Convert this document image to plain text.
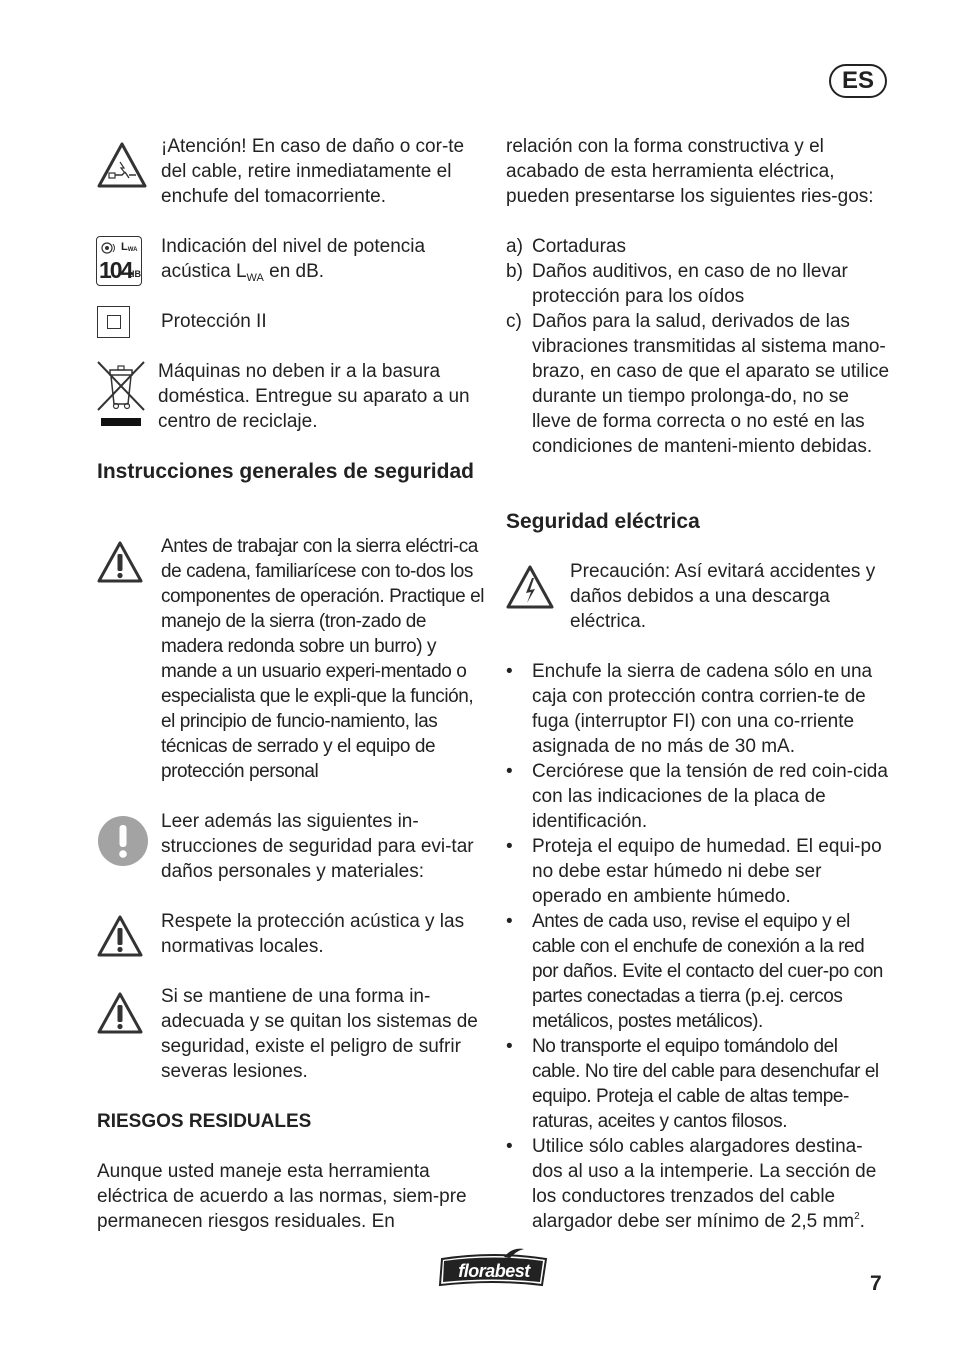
ES
¡Atención! En caso de daño o cor-te del cable, retire inmediatamente el enchufe del tomacorriente.
$L_{WA}$
104
dB
Indicación del nivel de potencia acústica $L_{WA}$ en dB.
Protección II
Máquinas no deben ir a la basura doméstica. Entregue su aparato a un centro de reciclaje.
Instrucciones generales de seguridad
Antes de trabajar con la sierra eléctri-ca de cadena, familiarícese con to-dos los componentes de operación. Practique el manejo de la sierra (tron-zado de madera redonda sobre un burro) y mande a un usuario experi-mentado o especialista que le expli-que la función, el principio de funcio-namiento, las técnicas de serrado y el equipo de protección personal
Leer además las siguientes in-strucciones de seguridad para evi-tar daños personales y materiales:
Respete la protección acústica y las normativas locales.
Si se mantiene de una forma in-adecuada y se quitan los sistemas de seguridad, existe el peligro de sufrir severas lesiones.
RIESGOS RESIDUALES
Aunque usted maneje esta herramienta eléctrica de acuerdo a las normas, siem-pre permanecen riesgos residuales. En
relación con la forma constructiva y el acabado de esta herramienta eléctrica, pueden presentarse los siguientes ries-gos:
a) Cortaduras
b) Daños auditivos, en caso de no llevar protección para los oídos
c) Daños para la salud, derivados de las vibraciones transmitidas al sistema mano-brazo, en caso de que el aparato se utilice durante un tiempo prolonga-do, no se lleve de forma correcta o no esté en las condiciones de manteni-miento debidas.
Seguridad eléctrica
Precaución: Así evitará accidentes y daños debidos a una descarga eléctrica.
• Enchufe la sierra de cadena sólo en una caja con protección contra corrien-te de fuga (interruptor FI) con una co-rriente asignada de no más de 30 mA.
• Cerciórese que la tensión de red coin-cida con las indicaciones de la placa de identificación.
• Proteja el equipo de humedad. El equi-po no debe estar húmedo ni debe ser operado en ambiente húmedo.
• Antes de cada uso, revise el equipo y el cable con el enchufe de conexión a la red por daños. Evite el contacto del cuer-po con partes conectadas a tierra (p.ej. cercos metálicos, postes metálicos).
• No transporte el equipo tomándolo del cable. No tire del cable para desenchufar el equipo. Proteja el cable de altas tempe-raturas, aceites y cantos filosos.
• Utilice sólo cables alargadores destina-dos al uso a la intemperie. La sección de los conductores trenzados del cable alargador debe ser mínimo de 2,5 $mm^2$.
florabest
7
